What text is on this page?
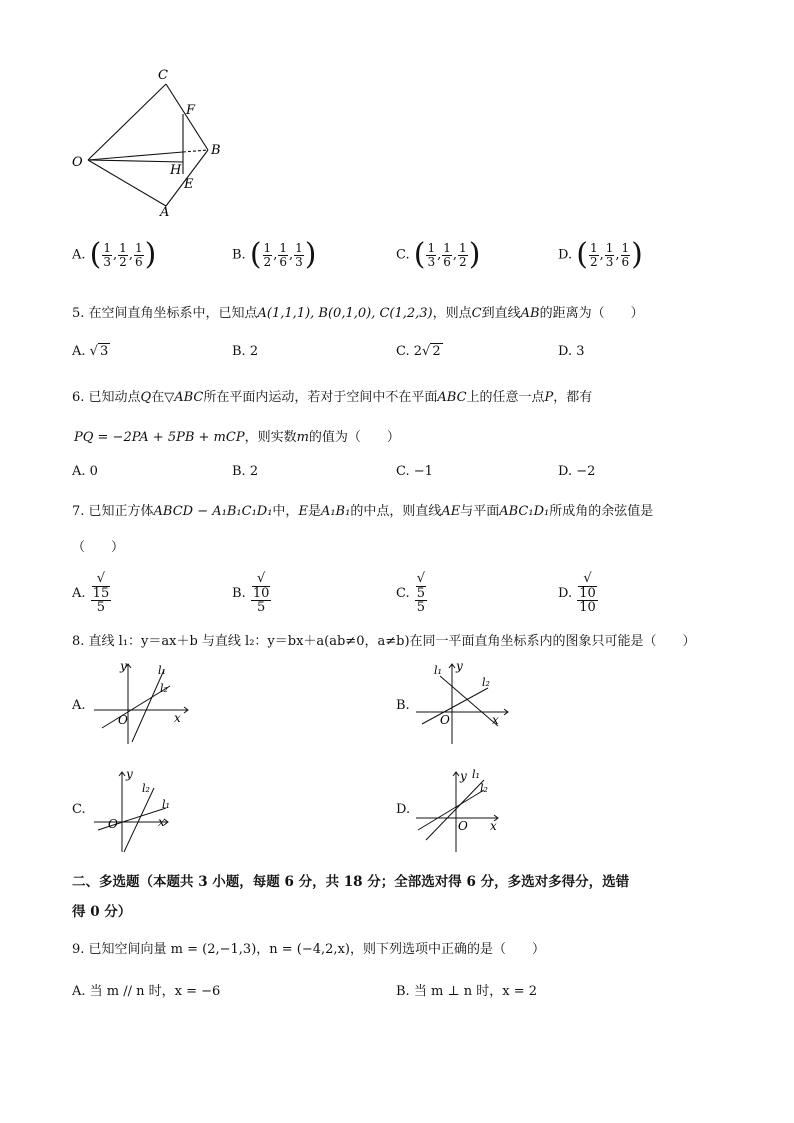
C
F
B
O
H
E
A
A. ( $\frac{1}{3}$ , $\frac{1}{2}$ , $\frac{1}{6}$ )	B. ( $\frac{1}{2}$ , $\frac{1}{6}$ , $\frac{1}{3}$ )	C. ( $\frac{1}{3}$ , $\frac{1}{6}$ , $\frac{1}{2}$ )	D. ( $\frac{1}{2}$ , $\frac{1}{3}$ , $\frac{1}{6}$ )
5. 在空间直角坐标系中，已知点A(1,1,1), B(0,1,0), C(1,2,3)，则点C到直线AB的距离为（　　）
A. √ 3	B. 2	C. 2√ 2	D. 3
6. 已知动点Q在▽ABC所在平面内运动，若对于空间中不在平面ABC上的任意一点P，都有
PQ = −2PA + 5PB + mCP，则实数m的值为（　　）
A. 0	B. 2	C. −1	D. −2
7. 已知正方体ABCD − A₁B₁C₁D₁中，E是A₁B₁的中点，则直线AE与平面ABC₁D₁所成角的余弦值是
（　　）
A. √
15
5	B. √
10
5	C. √
5
5	D. √
10
10
8. 直线 l₁：y＝ax＋b 与直线 l₂：y＝bx＋a(ab≠0，a≠b)在同一平面直角坐标系内的图象只可能是（　　）
A.
y
x
O
l₁
l₂
B.
l₁ y
l₂
x
O
C.
y
l₂
l₁
O	x
D.
y l₁
l₂
O x
二、多选题（本题共 3 小题，每题 6 分，共 18 分；全部选对得 6 分，多选对多得分，选错
得 0 分）
9. 已知空间向量 m = (2,−1,3)，n = (−4,2,x)，则下列选项中正确的是（　　）
A. 当 m // n 时，x = −6	B. 当 m ⊥ n 时，x = 2
